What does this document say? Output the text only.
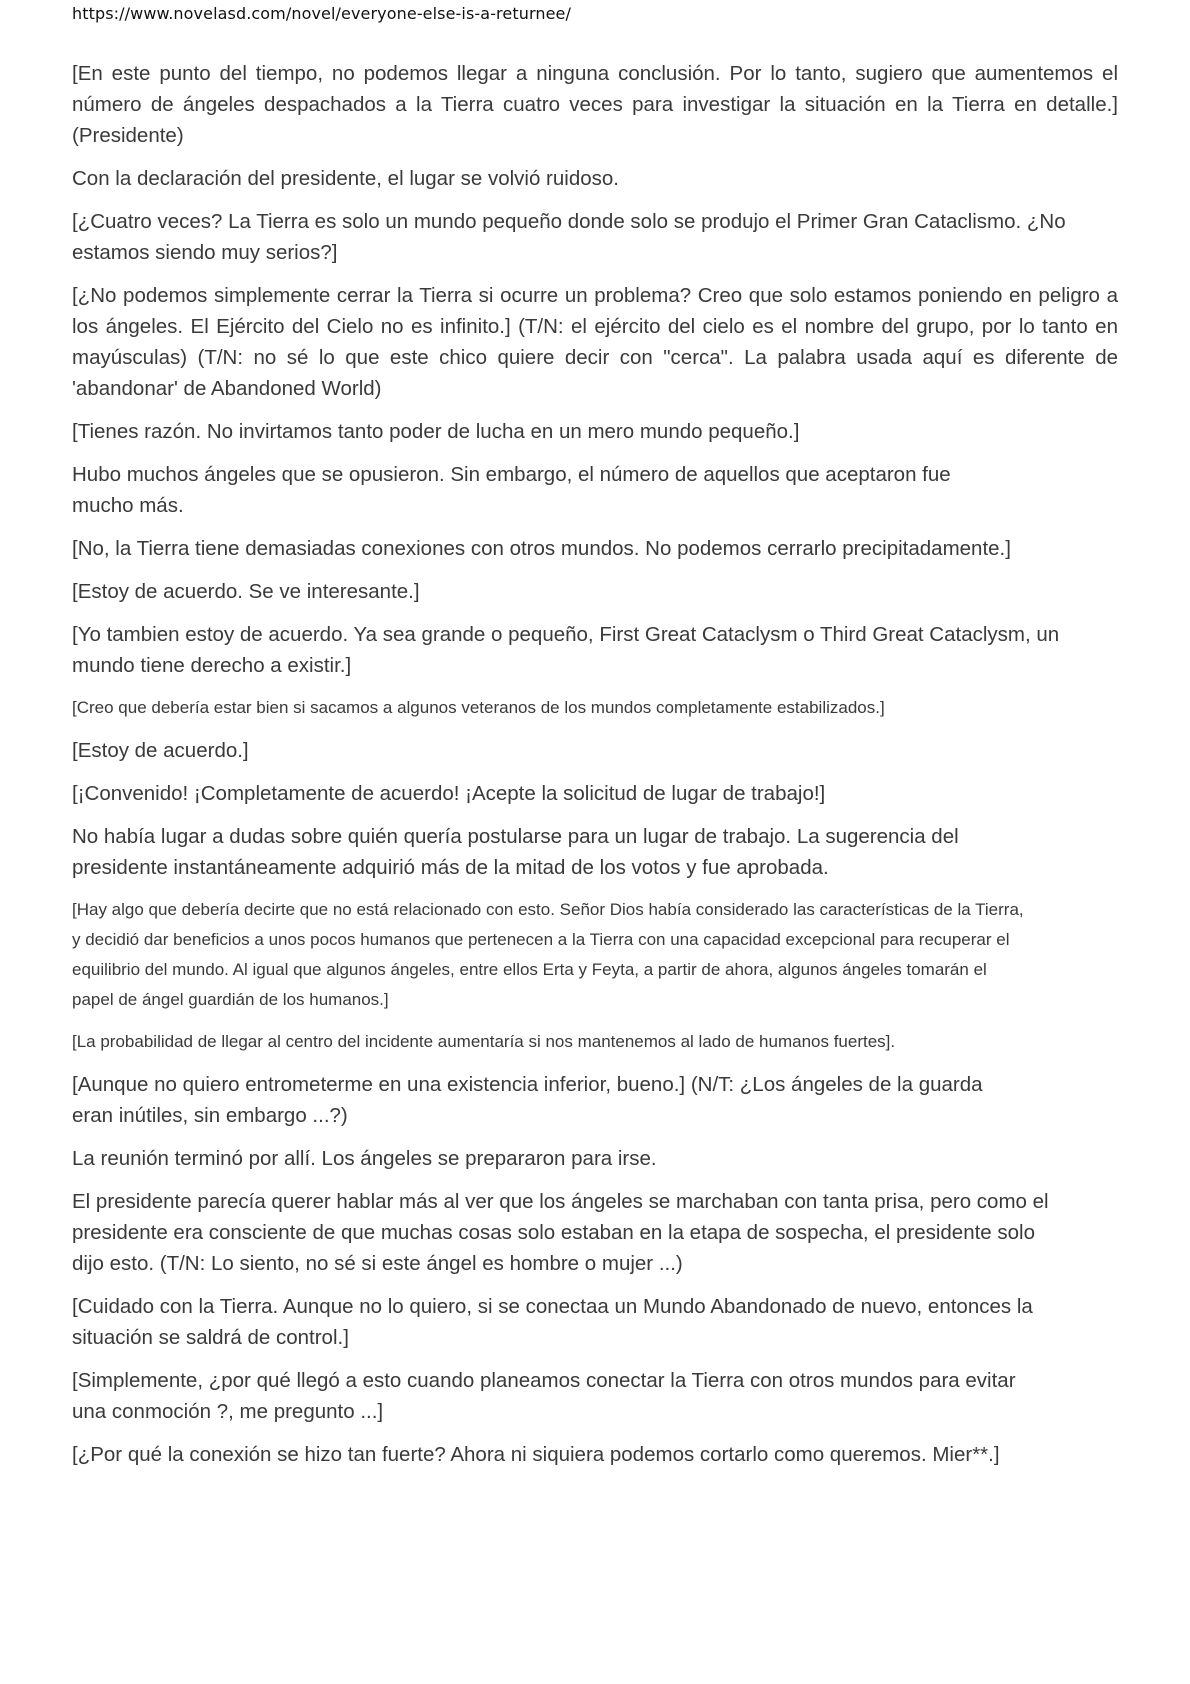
https://www.novelasd.com/novel/everyone-else-is-a-returnee/

[En este punto del tiempo, no podemos llegar a ninguna conclusión. Por lo tanto, sugiero que aumentemos el número de ángeles despachados a la Tierra cuatro veces para investigar la situación en la Tierra en detalle.] (Presidente)

Con la declaración del presidente, el lugar se volvió ruidoso.

[¿Cuatro veces? La Tierra es solo un mundo pequeño donde solo se produjo el Primer Gran Cataclismo. ¿No estamos siendo muy serios?]

[¿No podemos simplemente cerrar la Tierra si ocurre un problema? Creo que solo estamos poniendo en peligro a los ángeles. El Ejército del Cielo no es infinito.] (T/N: el ejército del cielo es el nombre del grupo, por lo tanto en mayúsculas) (T/N: no sé lo que este chico quiere decir con "cerca". La palabra usada aquí es diferente de 'abandonar' de Abandoned World)

[Tienes razón. No invirtamos tanto poder de lucha en un mero mundo pequeño.]

Hubo muchos ángeles que se opusieron. Sin embargo, el número de aquellos que aceptaron fue mucho más.

[No, la Tierra tiene demasiadas conexiones con otros mundos. No podemos cerrarlo precipitadamente.]

[Estoy de acuerdo. Se ve interesante.]

[Yo tambien estoy de acuerdo. Ya sea grande o pequeño, First Great Cataclysm o Third Great Cataclysm, un mundo tiene derecho a existir.]

[Creo que debería estar bien si sacamos a algunos veteranos de los mundos completamente estabilizados.]

[Estoy de acuerdo.]

[¡Convenido! ¡Completamente de acuerdo! ¡Acepte la solicitud de lugar de trabajo!]

No había lugar a dudas sobre quién quería postularse para un lugar de trabajo. La sugerencia del presidente instantáneamente adquirió más de la mitad de los votos y fue aprobada.

[Hay algo que debería decirte que no está relacionado con esto. Señor Dios había considerado las características de la Tierra, y decidió dar beneficios a unos pocos humanos que pertenecen a la Tierra con una capacidad excepcional para recuperar el equilibrio del mundo. Al igual que algunos ángeles, entre ellos Erta y Feyta, a partir de ahora, algunos ángeles tomarán el papel de ángel guardián de los humanos.]

[La probabilidad de llegar al centro del incidente aumentaría si nos mantenemos al lado de humanos fuertes].

[Aunque no quiero entrometerme en una existencia inferior, bueno.] (N/T: ¿Los ángeles de la guarda eran inútiles, sin embargo ...?)

La reunión terminó por allí. Los ángeles se prepararon para irse.

El presidente parecía querer hablar más al ver que los ángeles se marchaban con tanta prisa, pero como el presidente era consciente de que muchas cosas solo estaban en la etapa de sospecha, el presidente solo dijo esto. (T/N: Lo siento, no sé si este ángel es hombre o mujer ...)

[Cuidado con la Tierra. Aunque no lo quiero, si se conectaa un Mundo Abandonado de nuevo, entonces la situación se saldrá de control.]

[Simplemente, ¿por qué llegó a esto cuando planeamos conectar la Tierra con otros mundos para evitar una conmoción ?, me pregunto ...]

[¿Por qué la conexión se hizo tan fuerte? Ahora ni siquiera podemos cortarlo como queremos. Mier**.]
